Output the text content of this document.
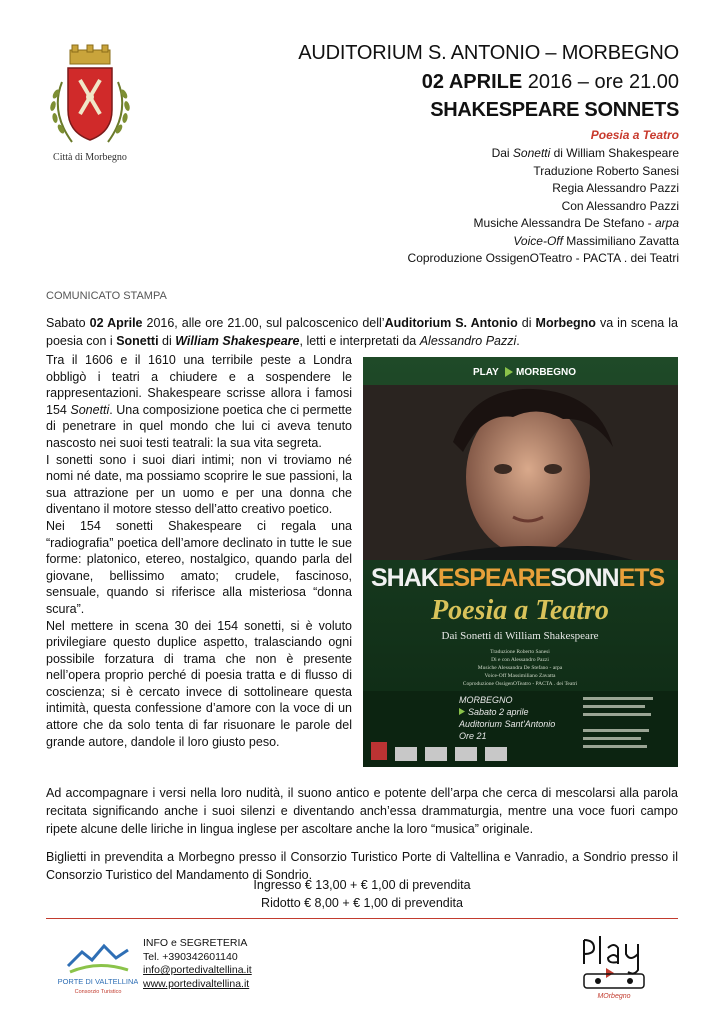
Città di Morbegno
AUDITORIUM S. ANTONIO – MORBEGNO
02 APRILE 2016 – ore 21.00
SHAKESPEARE SONNETS
Poesia a Teatro
Dai Sonetti di William Shakespeare
Traduzione Roberto Sanesi
Regia Alessandro Pazzi
Con Alessandro Pazzi
Musiche Alessandra De Stefano - arpa
Voice-Off Massimiliano Zavatta
Coproduzione OssigenOTeatro - PACTA . dei Teatri
COMUNICATO STAMPA
Sabato 02 Aprile 2016, alle ore 21.00, sul palcoscenico dell’Auditorium S. Antonio di Morbegno va in scena la poesia con i Sonetti di William Shakespeare, letti e interpretati da Alessandro Pazzi.

Tra il 1606 e il 1610 una terribile peste a Londra obbligò i teatri a chiudere e a sospendere le rappresentazioni. Shakespeare scrisse allora i famosi 154 Sonetti. Una composizione poetica che ci permette di penetrare in quel mondo che lui ci aveva tenuto nascosto nei suoi testi teatrali: la sua vita segreta.

I sonetti sono i suoi diari intimi; non vi troviamo né nomi né date, ma possiamo scoprire le sue passioni, la sua attrazione per un uomo e per una donna che diventano il motore stesso dell’atto creativo poetico.

Nei 154 sonetti Shakespeare ci regala una “radiografia” poetica dell’amore declinato in tutte le sue forme: platonico, etereo, nostalgico, quando parla del giovane, bellissimo amato; crudele, fascinoso, sensuale, quando si riferisce alla misteriosa “donna scura”.

Nel mettere in scena 30 dei 154 sonetti, si è voluto privilegiare questo duplice aspetto, tralasciando ogni possibile forzatura di trama che non è presente nell’opera proprio perché di poesia tratta e di flusso di coscienza; si è cercato invece di sottolineare questa intimità, questa confessione d’amore con la voce di un attore che da solo tenta di far risuonare le parole del grande autore, dandole il loro giusto peso.

PLAY MORBEGNO
SHAKESPEARESONNETS
Poesia a Teatro
Dai Sonetti di William Shakespeare
Traduzione Roberto Sanesi
Di e con Alessandro Pazzi
Musiche Alessandra De Stefano - arpa
Voice-Off Massimiliano Zavatta
Coproduzione OssigenOTeatro - PACTA . dei Teatri
MORBEGNO
Sabato 2 aprile
Auditorium Sant'Antonio
Ore 21

Ad accompagnare i versi nella loro nudità, il suono antico e potente dell’arpa che cerca di mescolarsi alla parola recitata significando anche i suoi silenzi e diventando anch’essa drammaturgia, mentre una voce fuori campo ripete alcune delle liriche in lingua inglese per ascoltare anche la loro “musica” originale.

Biglietti in prevendita a Morbegno presso il Consorzio Turistico Porte di Valtellina e Vanradio, a Sondrio presso il Consorzio Turistico del Mandamento di Sondrio.

Ingresso € 13,00 + € 1,00 di prevendita
Ridotto € 8,00 + € 1,00 di prevendita
PORTE DI VALTELLINA
Consorzio Turistico
INFO e SEGRETERIA
Tel. +390342601140
info@portedivaltellina.it
www.portedivaltellina.it
MOrbegno
